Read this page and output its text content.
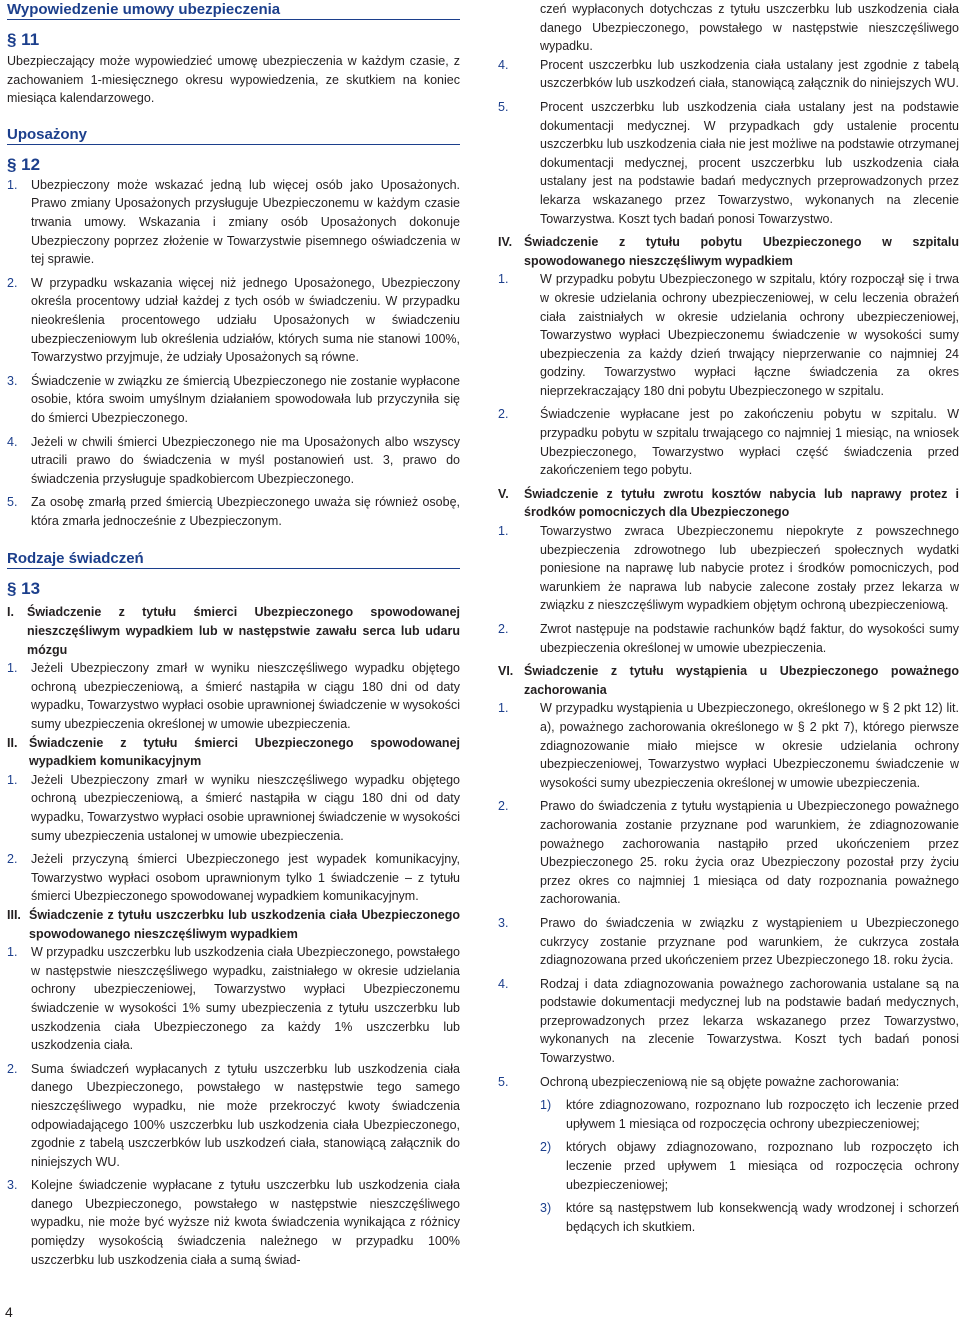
Wypowiedzenie umowy ubezpieczenia
§ 11

Ubezpieczający może wypowiedzieć umowę ubezpieczenia w każdym czasie, z zachowaniem 1-miesięcznego okresu wypowiedzenia, ze skutkiem na koniec miesiąca kalendarzowego.

Uposażony
§ 12
1.	Ubezpieczony może wskazać jedną lub więcej osób jako Uposażonych. Prawo zmiany Uposażonych przysługuje Ubezpieczonemu w każdym czasie trwania umowy. Wskazania i zmiany osób Uposażonych dokonuje Ubezpieczony poprzez złożenie w Towarzystwie pisemnego oświadczenia w tej sprawie.
2.	W przypadku wskazania więcej niż jednego Uposażonego, Ubezpieczony określa procentowy udział każdej z tych osób w świadczeniu. W przypadku nieokreślenia procentowego udziału Uposażonych w świadczeniu ubezpieczeniowym lub określenia udziałów, których suma nie stanowi 100%, Towarzystwo przyjmuje, że udziały Uposażonych są równe.
3.	Świadczenie w związku ze śmiercią Ubezpieczonego nie zostanie wypłacone osobie, która swoim umyślnym działaniem spowodowała lub przyczyniła się do śmierci Ubezpieczonego.
4.	Jeżeli w chwili śmierci Ubezpieczonego nie ma Uposażonych albo wszyscy utracili prawo do świadczenia w myśl postanowień ust. 3, prawo do świadczenia przysługuje spadkobiercom Ubezpieczonego.
5.	Za osobę zmarłą przed śmiercią Ubezpieczonego uważa się również osobę, która zmarła jednocześnie z Ubezpieczonym.
Rodzaje świadczeń
§ 13
I.	Świadczenie z tytułu śmierci Ubezpieczonego spowodowanej nieszczęśliwym wypadkiem lub w następstwie zawału serca lub udaru mózgu
1.	Jeżeli Ubezpieczony zmarł w wyniku nieszczęśliwego wypadku objętego ochroną ubezpieczeniową, a śmierć nastąpiła w ciągu 180 dni od daty wypadku, Towarzystwo wypłaci osobie uprawnionej świadczenie w wysokości sumy ubezpieczenia określonej w umowie ubezpieczenia.
II. Świadczenie z tytułu śmierci Ubezpieczonego spowodowanej wypadkiem komunikacyjnym
1.	Jeżeli Ubezpieczony zmarł w wyniku nieszczęśliwego wypadku objętego ochroną ubezpieczeniową, a śmierć nastąpiła w ciągu 180 dni od daty wypadku, Towarzystwo wypłaci osobie uprawnionej świadczenie w wysokości sumy ubezpieczenia ustalonej w umowie ubezpieczenia.
2.	Jeżeli przyczyną śmierci Ubezpieczonego jest wypadek komunikacyjny, Towarzystwo wypłaci osobom uprawnionym tylko 1 świadczenie – z tytułu śmierci Ubezpieczonego spowodowanej wypadkiem komunikacyjnym.
III. Świadczenie z tytułu uszczerbku lub uszkodzenia ciała Ubezpieczonego spowodowanego nieszczęśliwym wypadkiem
1.	W przypadku uszczerbku lub uszkodzenia ciała Ubezpieczonego, powstałego w następstwie nieszczęśliwego wypadku, zaistniałego w okresie udzielania ochrony ubezpieczeniowej, Towarzystwo wypłaci Ubezpieczonemu świadczenie w wysokości 1% sumy ubezpieczenia z tytułu uszczerbku lub uszkodzenia ciała Ubezpieczonego za każdy 1% uszczerbku lub uszkodzenia ciała.
2.	Suma świadczeń wypłacanych z tytułu uszczerbku lub uszkodzenia ciała danego Ubezpieczonego, powstałego w następstwie tego samego nieszczęśliwego wypadku, nie może przekroczyć kwoty świadczenia odpowiadającego 100% uszczerbku lub uszkodzenia ciała Ubezpieczonego, zgodnie z tabelą uszczerbków lub uszkodzeń ciała, stanowiącą załącznik do niniejszych WU.
3.	Kolejne świadczenie wypłacane z tytułu uszczerbku lub uszkodzenia ciała danego Ubezpieczonego, powstałego w następstwie nieszczęśliwego wypadku, nie może być wyższe niż kwota świadczenia wynikająca z różnicy pomiędzy wysokością świadczenia należnego w przypadku 100% uszczerbku lub uszkodzenia ciała a sumą świad-
czeń wypłaconych dotychczas z tytułu uszczerbku lub uszkodzenia ciała danego Ubezpieczonego, powstałego w następstwie nieszczęśliwego wypadku.
4.	Procent uszczerbku lub uszkodzenia ciała ustalany jest zgodnie z tabelą uszczerbków lub uszkodzeń ciała, stanowiącą załącznik do niniejszych WU.
5.	Procent uszczerbku lub uszkodzenia ciała ustalany jest na podstawie dokumentacji medycznej. W przypadkach gdy ustalenie procentu uszczerbku lub uszkodzenia ciała nie jest możliwe na podstawie otrzymanej dokumentacji medycznej, procent uszczerbku lub uszkodzenia ciała ustalany jest na podstawie badań medycznych przeprowadzonych przez lekarza wskazanego przez Towarzystwo, wykonanych na zlecenie Towarzystwa. Koszt tych badań ponosi Towarzystwo.
IV. Świadczenie z tytułu pobytu Ubezpieczonego w szpitalu spowodowanego nieszczęśliwym wypadkiem
1.	W przypadku pobytu Ubezpieczonego w szpitalu, który rozpoczął się i trwa w okresie udzielania ochrony ubezpieczeniowej, w celu leczenia obrażeń ciała zaistniałych w okresie udzielania ochrony ubezpieczeniowej, Towarzystwo wypłaci Ubezpieczonemu świadczenie w wysokości sumy ubezpieczenia za każdy dzień trwający nieprzerwanie co najmniej 24 godziny. Towarzystwo wypłaci łączne świadczenia za okres nieprzekraczający 180 dni pobytu Ubezpieczonego w szpitalu.
2.	Świadczenie wypłacane jest po zakończeniu pobytu w szpitalu. W przypadku pobytu w szpitalu trwającego co najmniej 1 miesiąc, na wniosek Ubezpieczonego, Towarzystwo wypłaci część świadczenia przed zakończeniem tego pobytu.
V.	Świadczenie z tytułu zwrotu kosztów nabycia lub naprawy protez i środków pomocniczych dla Ubezpieczonego
1.	Towarzystwo zwraca Ubezpieczonemu niepokryte z powszechnego ubezpieczenia zdrowotnego lub ubezpieczeń społecznych wydatki poniesione na naprawę lub nabycie protez i środków pomocniczych, pod warunkiem że naprawa lub nabycie zalecone zostały przez lekarza w związku z nieszczęśliwym wypadkiem objętym ochroną ubezpieczeniową.
2.	Zwrot następuje na podstawie rachunków bądź faktur, do wysokości sumy ubezpieczenia określonej w umowie ubezpieczenia.
VI. Świadczenie z tytułu wystąpienia u Ubezpieczonego poważnego zachorowania
1.	W przypadku wystąpienia u Ubezpieczonego, określonego w § 2 pkt 12) lit. a), poważnego zachorowania określonego w § 2 pkt 7), którego pierwsze zdiagnozowanie miało miejsce w okresie udzielania ochrony ubezpieczeniowej, Towarzystwo wypłaci Ubezpieczonemu świadczenie w wysokości sumy ubezpieczenia określonej w umowie ubezpieczenia.
2.	Prawo do świadczenia z tytułu wystąpienia u Ubezpieczonego poważnego zachorowania zostanie przyznane pod warunkiem, że zdiagnozowanie poważnego zachorowania nastąpiło przed ukończeniem przez Ubezpieczonego 25. roku życia oraz Ubezpieczony pozostał przy życiu przez okres co najmniej 1 miesiąca od daty rozpoznania poważnego zachorowania.
3.	Prawo do świadczenia w związku z wystąpieniem u Ubezpieczonego cukrzycy zostanie przyznane pod warunkiem, że cukrzyca została zdiagnozowana przed ukończeniem przez Ubezpieczonego 18. roku życia.
4.	Rodzaj i data zdiagnozowania poważnego zachorowania ustalane są na podstawie dokumentacji medycznej lub na podstawie badań medycznych, przeprowadzonych przez lekarza wskazanego przez Towarzystwo, wykonanych na zlecenie Towarzystwa. Koszt tych badań ponosi Towarzystwo.
5.	Ochroną ubezpieczeniową nie są objęte poważne zachorowania:
1)	które zdiagnozowano, rozpoznano lub rozpoczęto ich leczenie przed upływem 1 miesiąca od rozpoczęcia ochrony ubezpieczeniowej;
2)	których objawy zdiagnozowano, rozpoznano lub rozpoczęto ich leczenie przed upływem 1 miesiąca od rozpoczęcia ochrony ubezpieczeniowej;
3)	które są następstwem lub konsekwencją wady wrodzonej i schorzeń będących ich skutkiem.
4
